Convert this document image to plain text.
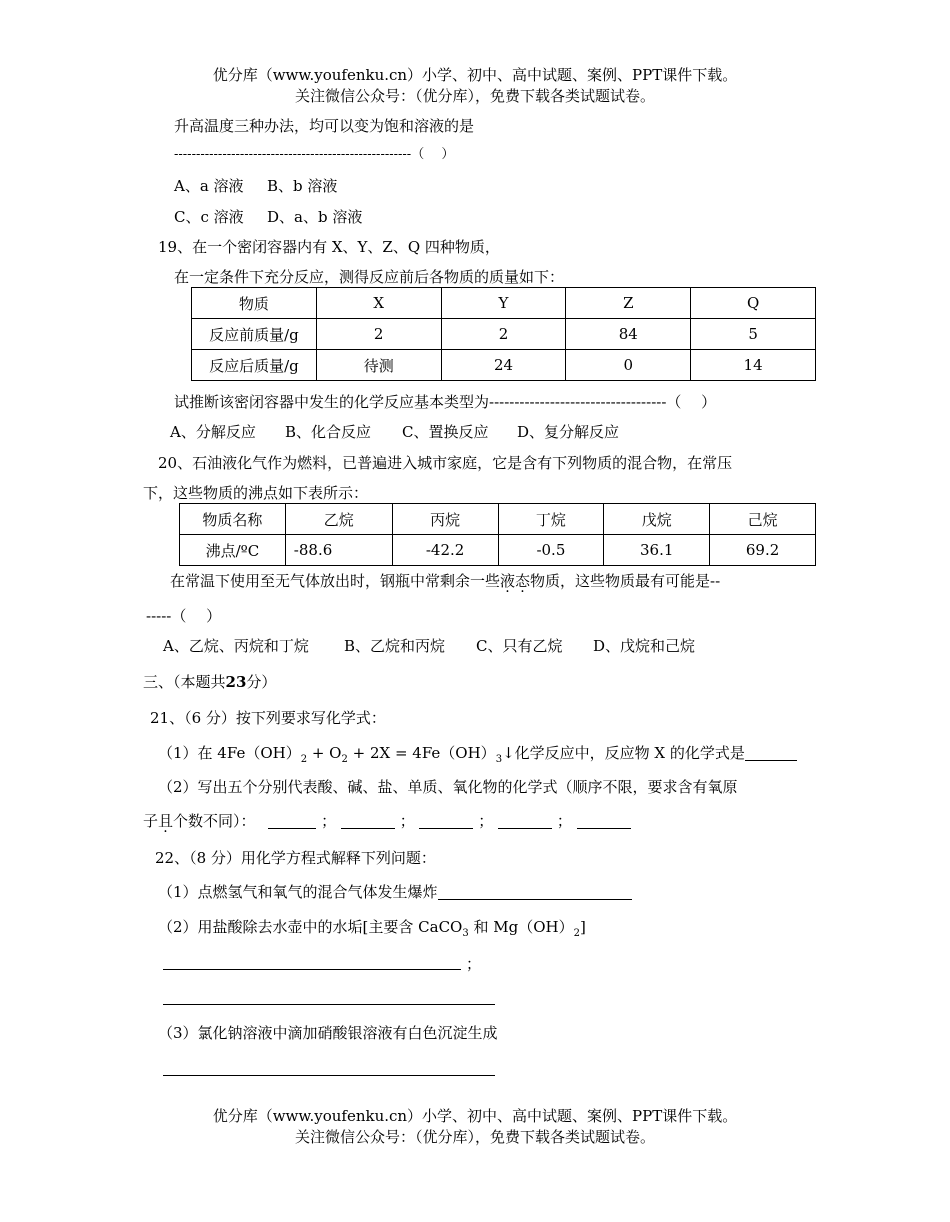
优分库（www.youfenku.cn）小学、初中、高中试题、案例、PPT课件下载。
关注微信公众号：（优分库），免费下载各类试题试卷。
升高温度三种办法，均可以变为饱和溶液的是
------------------------------------------------------（　 ）
A、a 溶液 B、b 溶液
C、c 溶液 D、a、b 溶液
19、在一个密闭容器内有 X、Y、Z、Q 四种物质，
在一定条件下充分反应，测得反应前后各物质的质量如下：
物质	X	Y	Z	Q
反应前质量/g	2	2	84	5
反应后质量/g	待测	24	0	14
试推断该密闭容器中发生的化学反应基本类型为-----------------------------------（　 ）
A、分解反应 B、化合反应 C、置换反应 D、复分解反应
20、石油液化气作为燃料，已普遍进入城市家庭，它是含有下列物质的混合物，在常压
下，这些物质的沸点如下表所示：
物质名称	乙烷	丙烷	丁烷	戊烷	己烷
沸点/ºC	-88.6	-42.2	-0.5	36.1	69.2
在常温下使用至无气体放出时，钢瓶中常剩余一些液态物质，这些物质最有可能是--
-----（　 ）
A、乙烷、丙烷和丁烷 B、乙烷和丙烷 C、只有乙烷 D、戊烷和己烷
三、（本题共23分）
21、（6 分）按下列要求写化学式：
（1）在 $4Fe(OH)_2 + O_2 + 2X$ = $4Fe(OH)_3↓$化学反应中，反应物 X 的化学式是
（2）写出五个分别代表酸、碱、盐、单质、氧化物的化学式（顺序不限，要求含有氧原
子且个数不同）：	；	；	；	；
22、（8 分）用化学方程式解释下列问题：
（1）点燃氢气和氧气的混合气体发生爆炸
（2）用盐酸除去水壶中的水垢[主要含 CaCO$_3$ 和 $Mg(OH)_2$]
；
（3）氯化钠溶液中滴加硝酸银溶液有白色沉淀生成
优分库（www.youfenku.cn）小学、初中、高中试题、案例、PPT课件下载。
关注微信公众号：（优分库），免费下载各类试题试卷。
